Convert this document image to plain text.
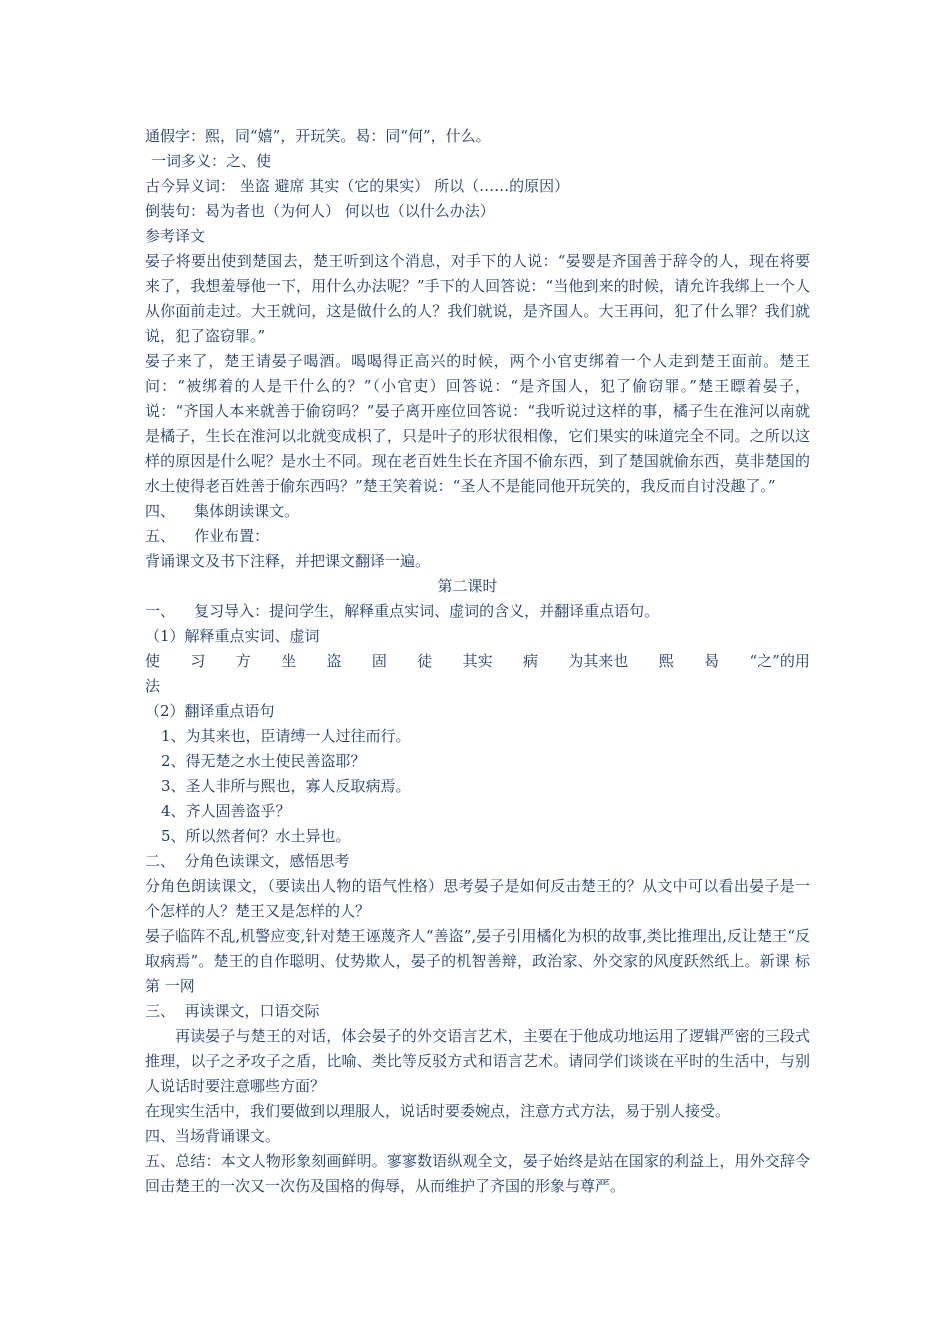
通假字：熙，同“嬉”，开玩笑。曷：同“何”，什么。
一词多义：之、使
古今异义词： 坐盗 避席 其实（它的果实） 所以（……的原因）
倒装句：曷为者也（为何人） 何以也（以什么办法）
参考译文
晏子将要出使到楚国去，楚王听到这个消息，对手下的人说：“晏婴是齐国善于辞令的人，现在将要来了，我想羞辱他一下，用什么办法呢？”手下的人回答说：“当他到来的时候，请允许我绑上一个人从你面前走过。大王就问，这是做什么的人？我们就说，是齐国人。大王再问，犯了什么罪？我们就说，犯了盗窃罪。”
晏子来了，楚王请晏子喝酒。喝喝得正高兴的时候，两个小官吏绑着一个人走到楚王面前。楚王问：“被绑着的人是干什么的？”（小官吏）回答说：“是齐国人，犯了偷窃罪。”楚王瞟着晏子，说：“齐国人本来就善于偷窃吗？”晏子离开座位回答说：“我听说过这样的事，橘子生在淮河以南就是橘子，生长在淮河以北就变成枳了，只是叶子的形状很相像，它们果实的味道完全不同。之所以这样的原因是什么呢？是水土不同。现在老百姓生长在齐国不偷东西，到了楚国就偷东西，莫非楚国的水土使得老百姓善于偷东西吗？”楚王笑着说：“圣人不是能同他开玩笑的，我反而自讨没趣了。”
四、    集体朗读课文。
五、    作业布置：
背诵课文及书下注释，并把课文翻译一遍。
第二课时
一、    复习导入：提问学生，解释重点实词、虚词的含义，并翻译重点语句。
（1）解释重点实词、虚词
使 习 方 坐 盗 固 徒 其实 病 为其来也 熙 曷 “之”的用
法
（2）翻译重点语句
1、为其来也，臣请缚一人过往而行。
2、得无楚之水土使民善盗耶？
3、圣人非所与熙也，寡人反取病焉。
4、齐人固善盗乎？
5、所以然者何？水土异也。
二、  分角色读课文，感悟思考
分角色朗读课文，（要读出人物的语气性格）思考晏子是如何反击楚王的？从文中可以看出晏子是一个怎样的人？楚王又是怎样的人？
晏子临阵不乱,机警应变,针对楚王诬蔑齐人“善盗”,晏子引用橘化为枳的故事,类比推理出,反让楚王“反取病焉”。楚王的自作聪明、仗势欺人，晏子的机智善辩，政治家、外交家的风度跃然纸上。新课 标第 一网
三、  再读课文，口语交际
再读晏子与楚王的对话，体会晏子的外交语言艺术，主要在于他成功地运用了逻辑严密的三段式推理，以子之矛攻子之盾，比喻、类比等反驳方式和语言艺术。请同学们谈谈在平时的生活中，与别人说话时要注意哪些方面？
在现实生活中，我们要做到以理服人，说话时要委婉点，注意方式方法，易于别人接受。
四、当场背诵课文。
五、总结：本文人物形象刻画鲜明。寥寥数语纵观全文，晏子始终是站在国家的利益上，用外交辞令回击楚王的一次又一次伤及国格的侮辱，从而维护了齐国的形象与尊严。
